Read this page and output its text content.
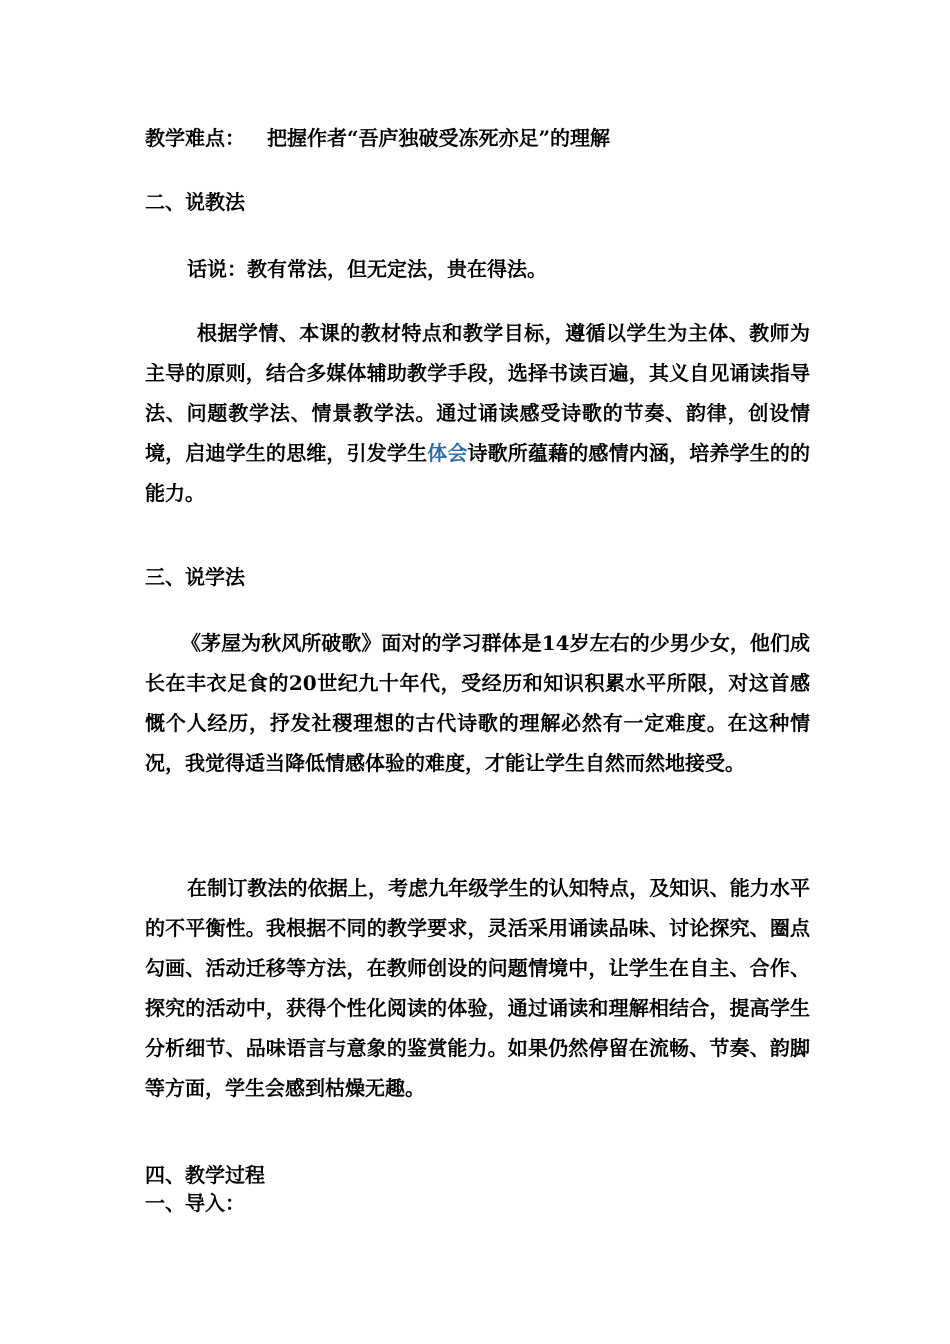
教学难点： 把握作者“吾庐独破受冻死亦足”的理解
二、说教法
话说：教有常法，但无定法，贵在得法。
根据学情、本课的教材特点和教学目标，遵循以学生为主体、教师为主导的原则，结合多媒体辅助教学手段，选择书读百遍，其义自见诵读指导法、问题教学法、情景教学法。通过诵读感受诗歌的节奏、韵律，创设情境，启迪学生的思维，引发学生体会诗歌所蕴藉的感情内涵，培养学生的的能力。
三、说学法
《茅屋为秋风所破歌》面对的学习群体是14岁左右的少男少女，他们成长在丰衣足食的20世纪九十年代，受经历和知识积累水平所限，对这首感慨个人经历，抒发社稷理想的古代诗歌的理解必然有一定难度。在这种情况，我觉得适当降低情感体验的难度，才能让学生自然而然地接受。
在制订教法的依据上，考虑九年级学生的认知特点，及知识、能力水平的不平衡性。我根据不同的教学要求，灵活采用诵读品味、讨论探究、圈点勾画、活动迁移等方法，在教师创设的问题情境中，让学生在自主、合作、探究的活动中，获得个性化阅读的体验，通过诵读和理解相结合，提高学生分析细节、品味语言与意象的鉴赏能力。如果仍然停留在流畅、节奏、韵脚等方面，学生会感到枯燥无趣。
四、教学过程
一、导入：
